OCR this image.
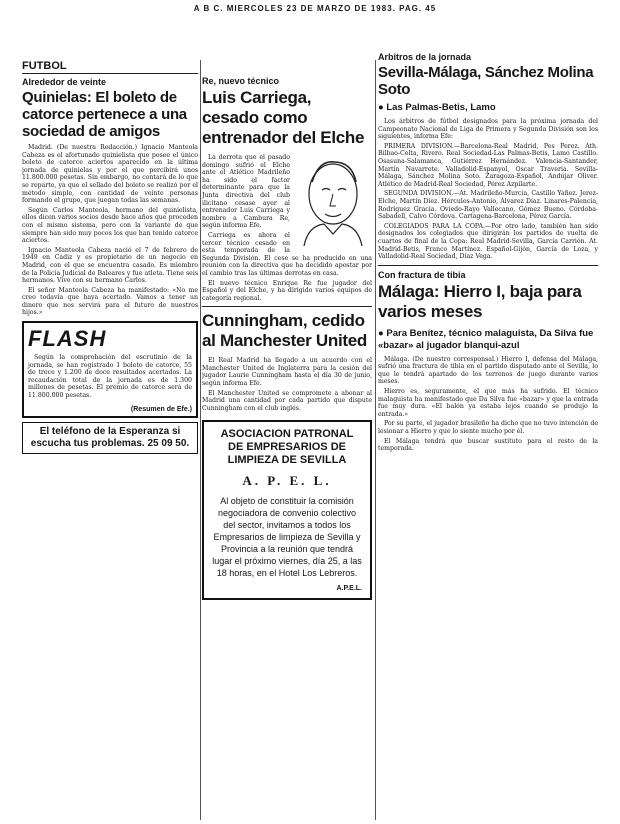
A B C. MIERCOLES 23 DE MARZO DE 1983. PAG. 45
FUTBOL
Alrededor de veinte
Quinielas: El boleto de catorce pertenece a una sociedad de amigos

Madrid. (De nuestra Redacción.) Ignacio Manteola Cabeza es el afortunado quinielista que posee el único boleto de catorce aciertos aparecido en la última jornada de quinielas y por el que percibirá unos 11.800.000 pesetas. Sin embargo, no contará de lo que se reparte, ya que el sellado del boleto se realizó por el método simple, con cantidad de veinte personas formando el grupo, que juegan todas las semanas.

Según Carlos Manteola, hermano del quinielista, ellos dicen varios socios desde hace años que proceden con el mismo sistema, pero con la variante de que siempre han sido muy pocos los que han tenido catorce aciertos.

Ignacio Manteola Cabeza nació el 7 de febrero de 1949 en Cádiz y es propietario de un negocio en Madrid, con el que se encuentra casado. Es miembro de la Policía Judicial de Baleares y fue atleta. Tiene seis hermanos. Vive con su hermano Carlos.

El señor Manteola Cabeza ha manifestado: «No me creo todavía que haya acertado. Vamos a tener un dinero que nos servirá para el futuro de nuestros hijos.»

FLASH

Según la comprobación del escrutinio de la jornada, se han registrado 1 boleto de catorce, 55 de trece y 1.200 de doce resultados acertados. La recaudación total de la jornada es de 1.300 millones de pesetas. El premio de catorce será de 11.800.000 pesetas.

(Resumen de Efe.)
El teléfono de la Esperanza si escucha tus problemas. 25 09 50.
Re, nuevo técnico
Luis Carriega, cesado como entrenador del Elche

La derrota que el pasado domingo sufrió el Elche ante el Atlético Madrileño ha sido el factor determinante para que la Junta directiva del club ilicitano cesase ayer al entrenador Luis Carriega y nombre a Cambura Re, según informa Efe.

Carriega es ahora el tercer técnico cesado en esta temporada de la Segunda División. El cese se ha producido en una reunión con la directiva que ha decidido apostar por el cambio tras las últimas derrotas en casa.

El nuevo técnico Enrique Re fue jugador del Español y del Elche, y ha dirigido varios equipos de categoría regional.

Cunningham, cedido al Manchester United

El Real Madrid ha llegado a un acuerdo con el Manchester United de Inglaterra para la cesión del jugador Laurie Cunningham hasta el día 30 de junio, según informa Efe.

El Manchester United se compromete a abonar al Madrid una cantidad por cada partido que dispute Cunningham con el club inglés.

ASOCIACION PATRONAL DE EMPRESARIOS DE LIMPIEZA DE SEVILLA
A. P. E. L.
Al objeto de constituir la comisión negociadora de convenio colectivo del sector, invitamos a todos los Empresarios de limpieza de Sevilla y Provincia a la reunión que tendrá lugar el próximo viernes, día 25, a las 18 horas, en el Hotel Los Lebreros.
A.P.E.L.
Arbitros de la jornada
Sevilla-Málaga, Sánchez Molina Soto
● Las Palmas-Betis, Lamo

Los árbitros de fútbol designados para la próxima jornada del Campeonato Nacional de Liga de Primera y Segunda División son los siguientes, informa Efe:

PRIMERA DIVISION.—Barcelona-Real Madrid, Pes Perez. Ath. Bilbao-Celta, Rivero. Real Sociedad-Las Palmas-Betis, Lamo Castillo. Osasuna-Salamanca, Gutiérrez Hernández. Valencia-Santander, Martín Navarrete. Valladolid-Espanyol, Oscar Traveria. Sevilla-Málaga, Sánchez Molina Soto. Zaragoza-Español, Andújar Oliver. Atlético de Madrid-Real Sociedad, Pérez Azpilarte.

SEGUNDA DIVISION.—At. Madrileño-Murcia, Castillo Yañez. Jerez-Elche, Martín Díez. Hércules-Antonio, Álvarez Díaz. Linares-Palencia, Rodríguez Gracia. Oviedo-Rayo Vallecano, Gómez Bueno. Córdoba-Sabadell, Calvo Córdova. Cartagena-Barcelona, Pérez García.

COLEGIADOS PARA LA COPA.—Por otro lado, también han sido designados los colegiados que dirigirán los partidos de vuelta de cuartos de final de la Copa: Real Madrid-Sevilla, García Carrión. At. Madrid-Betis, Franco Martínez. Español-Gijón, García de Loza, y Valladolid-Real Sociedad, Díaz Vega.

Con fractura de tibia
Málaga: Hierro I, baja para varios meses
● Para Benítez, técnico malaguista, Da Silva fue «bazar» al jugador blanqui-azul

Málaga. (De nuestro corresponsal.) Hierro I, defensa del Málaga, sufrió una fractura de tibia en el partido disputado ante el Sevilla, lo que le tendrá apartado de los terrenos de juego durante varios meses.

Hierro es, seguramente, el que más ha sufrido. El técnico malaguista ha manifestado que Da Silva fue «bazar» y que la entrada fue muy dura. «El balón ya estaba lejos cuando se produjo la entrada.»

Por su parte, el jugador brasileño ha dicho que no tuvo intención de lesionar a Hierro y que lo siente mucho por él.

El Málaga tendrá que buscar sustituto para el resto de la temporada.
